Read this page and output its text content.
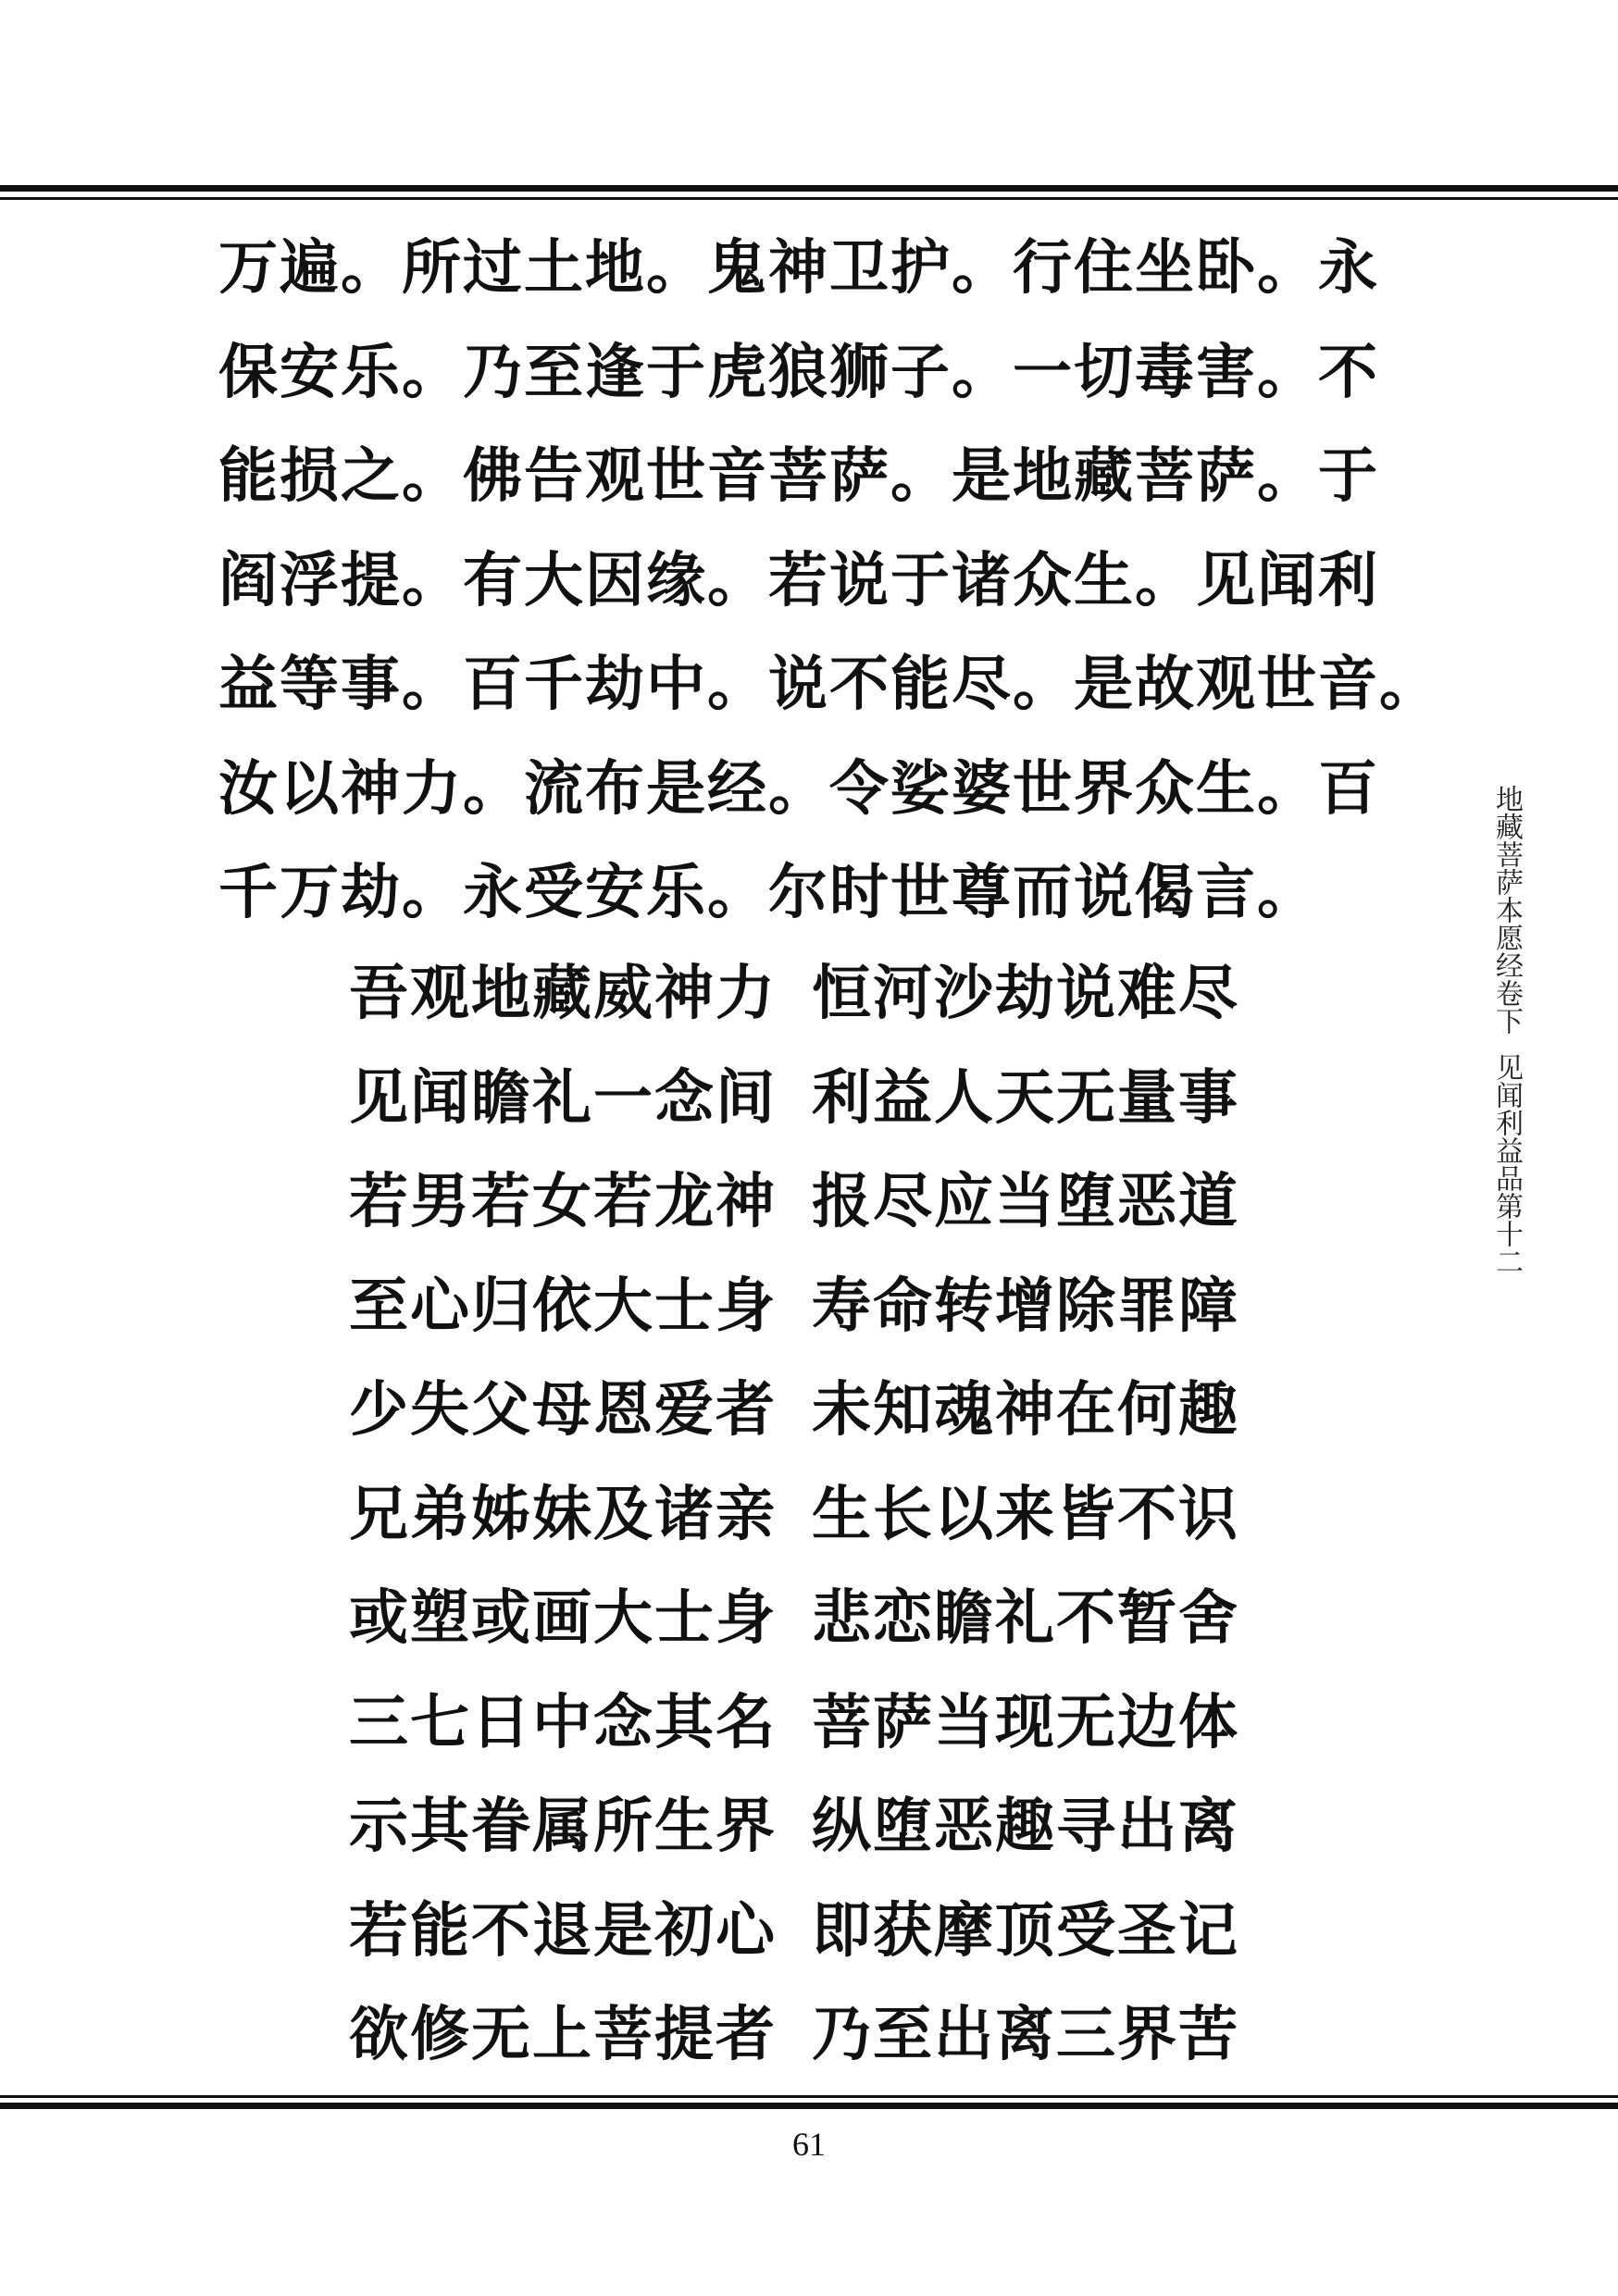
万遍。所过土地。鬼神卫护。行住坐卧。永
保安乐。乃至逢于虎狼狮子。一切毒害。不
能损之。佛告观世音菩萨。是地藏菩萨。于
阎浮提。有大因缘。若说于诸众生。见闻利
益等事。百千劫中。说不能尽。是故观世音。
汝以神力。流布是经。令娑婆世界众生。百
千万劫。永受安乐。尔时世尊而说偈言。
吾观地藏威神力 恒河沙劫说难尽
见闻瞻礼一念间 利益人天无量事
若男若女若龙神 报尽应当堕恶道
至心归依大士身 寿命转增除罪障
少失父母恩爱者 未知魂神在何趣
兄弟姊妹及诸亲 生长以来皆不识
或塑或画大士身 悲恋瞻礼不暂舍
三七日中念其名 菩萨当现无边体
示其眷属所生界 纵堕恶趣寻出离
若能不退是初心 即获摩顶受圣记
欲修无上菩提者 乃至出离三界苦
地藏菩萨本愿经卷下见闻利益品第十二
61
